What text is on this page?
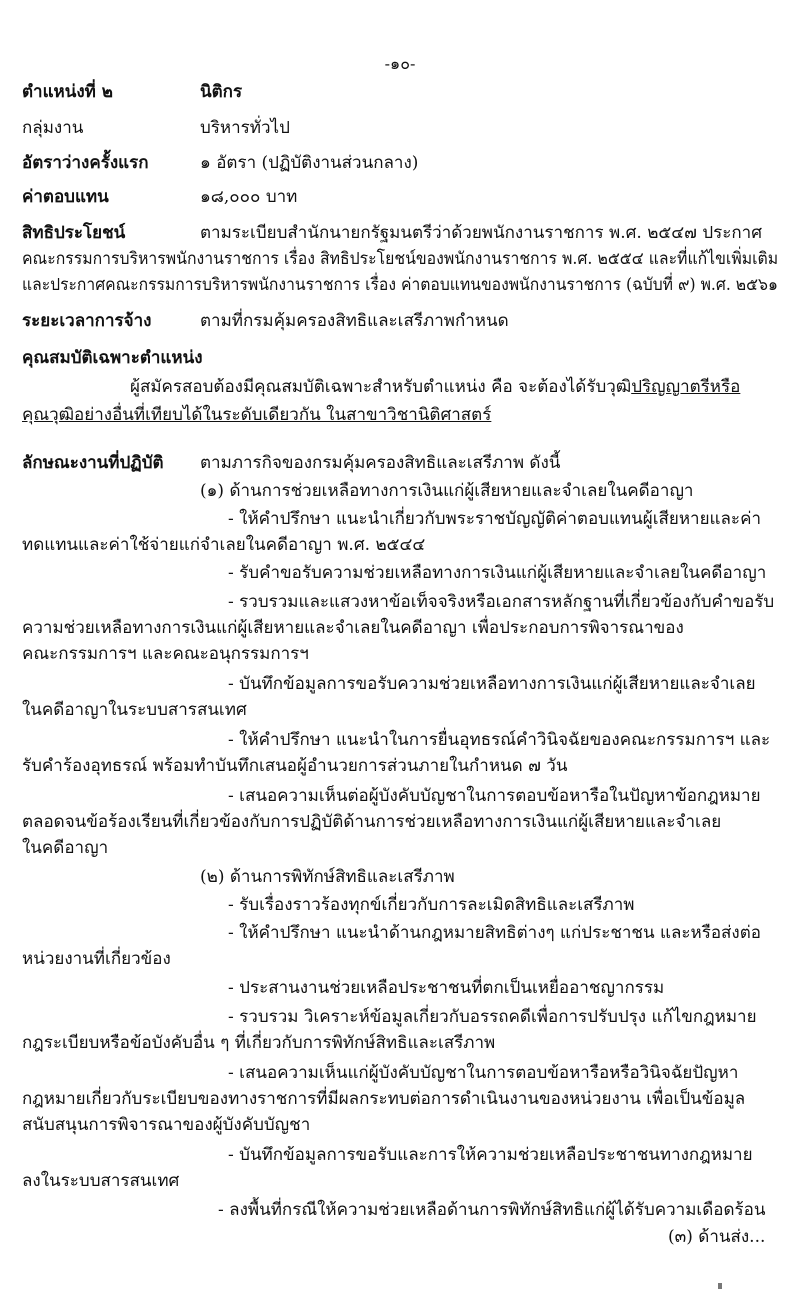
-๑๐-
ตำแหน่งที่ ๒	นิติกร
กลุ่มงาน	บริหารทั่วไป
อัตราว่างครั้งแรก	๑ อัตรา (ปฏิบัติงานส่วนกลาง)
ค่าตอบแทน	๑๘,๐๐๐ บาท
สิทธิประโยชน์	ตามระเบียบสำนักนายกรัฐมนตรีว่าด้วยพนักงานราชการ พ.ศ. ๒๕๔๗ ประกาศ
คณะกรรมการบริหารพนักงานราชการ เรื่อง สิทธิประโยชน์ของพนักงานราชการ พ.ศ. ๒๕๕๔ และที่แก้ไขเพิ่มเติม
และประกาศคณะกรรมการบริหารพนักงานราชการ เรื่อง ค่าตอบแทนของพนักงานราชการ (ฉบับที่ ๙) พ.ศ. ๒๕๖๑
ระยะเวลาการจ้าง	ตามที่กรมคุ้มครองสิทธิและเสรีภาพกำหนด
คุณสมบัติเฉพาะตำแหน่ง
ผู้สมัครสอบต้องมีคุณสมบัติเฉพาะสำหรับตำแหน่ง คือ จะต้องได้รับวุฒิปริญญาตรีหรือ
คุณวุฒิอย่างอื่นที่เทียบได้ในระดับเดียวกัน ในสาขาวิชานิติศาสตร์
ลักษณะงานที่ปฏิบัติ ตามภารกิจของกรมคุ้มครองสิทธิและเสรีภาพ ดังนี้
(๑) ด้านการช่วยเหลือทางการเงินแก่ผู้เสียหายและจำเลยในคดีอาญา
- ให้คำปรึกษา แนะนำเกี่ยวกับพระราชบัญญัติค่าตอบแทนผู้เสียหายและค่า
ทดแทนและค่าใช้จ่ายแก่จำเลยในคดีอาญา พ.ศ. ๒๕๔๔
- รับคำขอรับความช่วยเหลือทางการเงินแก่ผู้เสียหายและจำเลยในคดีอาญา
- รวบรวมและแสวงหาข้อเท็จจริงหรือเอกสารหลักฐานที่เกี่ยวข้องกับคำขอรับ
ความช่วยเหลือทางการเงินแก่ผู้เสียหายและจำเลยในคดีอาญา เพื่อประกอบการพิจารณาของ
คณะกรรมการฯ และคณะอนุกรรมการฯ
- บันทึกข้อมูลการขอรับความช่วยเหลือทางการเงินแก่ผู้เสียหายและจำเลย
ในคดีอาญาในระบบสารสนเทศ
- ให้คำปรึกษา แนะนำในการยื่นอุทธรณ์คำวินิจฉัยของคณะกรรมการฯ และ
รับคำร้องอุทธรณ์ พร้อมทำบันทึกเสนอผู้อำนวยการส่วนภายในกำหนด ๗ วัน
- เสนอความเห็นต่อผู้บังคับบัญชาในการตอบข้อหารือในปัญหาข้อกฎหมาย
ตลอดจนข้อร้องเรียนที่เกี่ยวข้องกับการปฏิบัติด้านการช่วยเหลือทางการเงินแก่ผู้เสียหายและจำเลย
ในคดีอาญา
(๒) ด้านการพิทักษ์สิทธิและเสรีภาพ
- รับเรื่องราวร้องทุกข์เกี่ยวกับการละเมิดสิทธิและเสรีภาพ
- ให้คำปรึกษา แนะนำด้านกฎหมายสิทธิต่างๆ แก่ประชาชน และหรือส่งต่อ
หน่วยงานที่เกี่ยวข้อง
- ประสานงานช่วยเหลือประชาชนที่ตกเป็นเหยื่ออาชญากรรม
- รวบรวม วิเคราะห์ข้อมูลเกี่ยวกับอรรถคดีเพื่อการปรับปรุง แก้ไขกฎหมาย
กฎระเบียบหรือข้อบังคับอื่น ๆ ที่เกี่ยวกับการพิทักษ์สิทธิและเสรีภาพ
- เสนอความเห็นแก่ผู้บังคับบัญชาในการตอบข้อหารือหรือวินิจฉัยปัญหา
กฎหมายเกี่ยวกับระเบียบของทางราชการที่มีผลกระทบต่อการดำเนินงานของหน่วยงาน เพื่อเป็นข้อมูล
สนับสนุนการพิจารณาของผู้บังคับบัญชา
- บันทึกข้อมูลการขอรับและการให้ความช่วยเหลือประชาชนทางกฎหมาย
ลงในระบบสารสนเทศ
- ลงพื้นที่กรณีให้ความช่วยเหลือด้านการพิทักษ์สิทธิแก่ผู้ได้รับความเดือดร้อน
(๓) ด้านส่ง...
